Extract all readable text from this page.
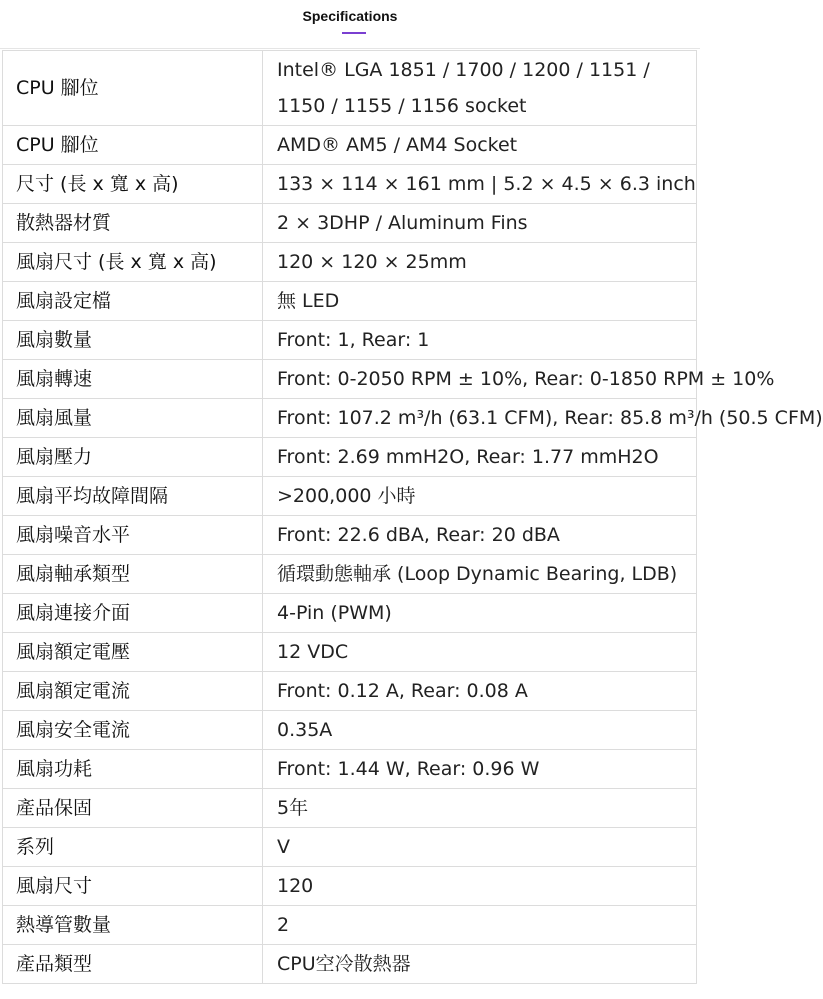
Specifications
CPU 腳位	Intel® LGA 1851 / 1700 / 1200 / 1151 / 1150 / 1155 / 1156 socket
CPU 腳位	AMD® AM5 / AM4 Socket
尺寸 (長 x 寬 x 高)	133 × 114 × 161 mm | 5.2 × 4.5 × 6.3 inch
散熱器材質	2 × 3DHP / Aluminum Fins
風扇尺寸 (長 x 寬 x 高)	120 × 120 × 25mm
風扇設定檔	無 LED
風扇數量	Front: 1, Rear: 1
風扇轉速	Front: 0-2050 RPM ± 10%, Rear: 0-1850 RPM ± 10%
風扇風量	Front: 107.2 m³/h (63.1 CFM), Rear: 85.8 m³/h (50.5 CFM)
風扇壓力	Front: 2.69 mmH2O, Rear: 1.77 mmH2O
風扇平均故障間隔	>200,000 小時
風扇噪音水平	Front: 22.6 dBA, Rear: 20 dBA
風扇軸承類型	循環動態軸承 (Loop Dynamic Bearing, LDB)
風扇連接介面	4-Pin (PWM)
風扇額定電壓	12 VDC
風扇額定電流	Front: 0.12 A, Rear: 0.08 A
風扇安全電流	0.35A
風扇功耗	Front: 1.44 W, Rear: 0.96 W
產品保固	5年
系列	V
風扇尺寸	120
熱導管數量	2
產品類型	CPU空冷散熱器
